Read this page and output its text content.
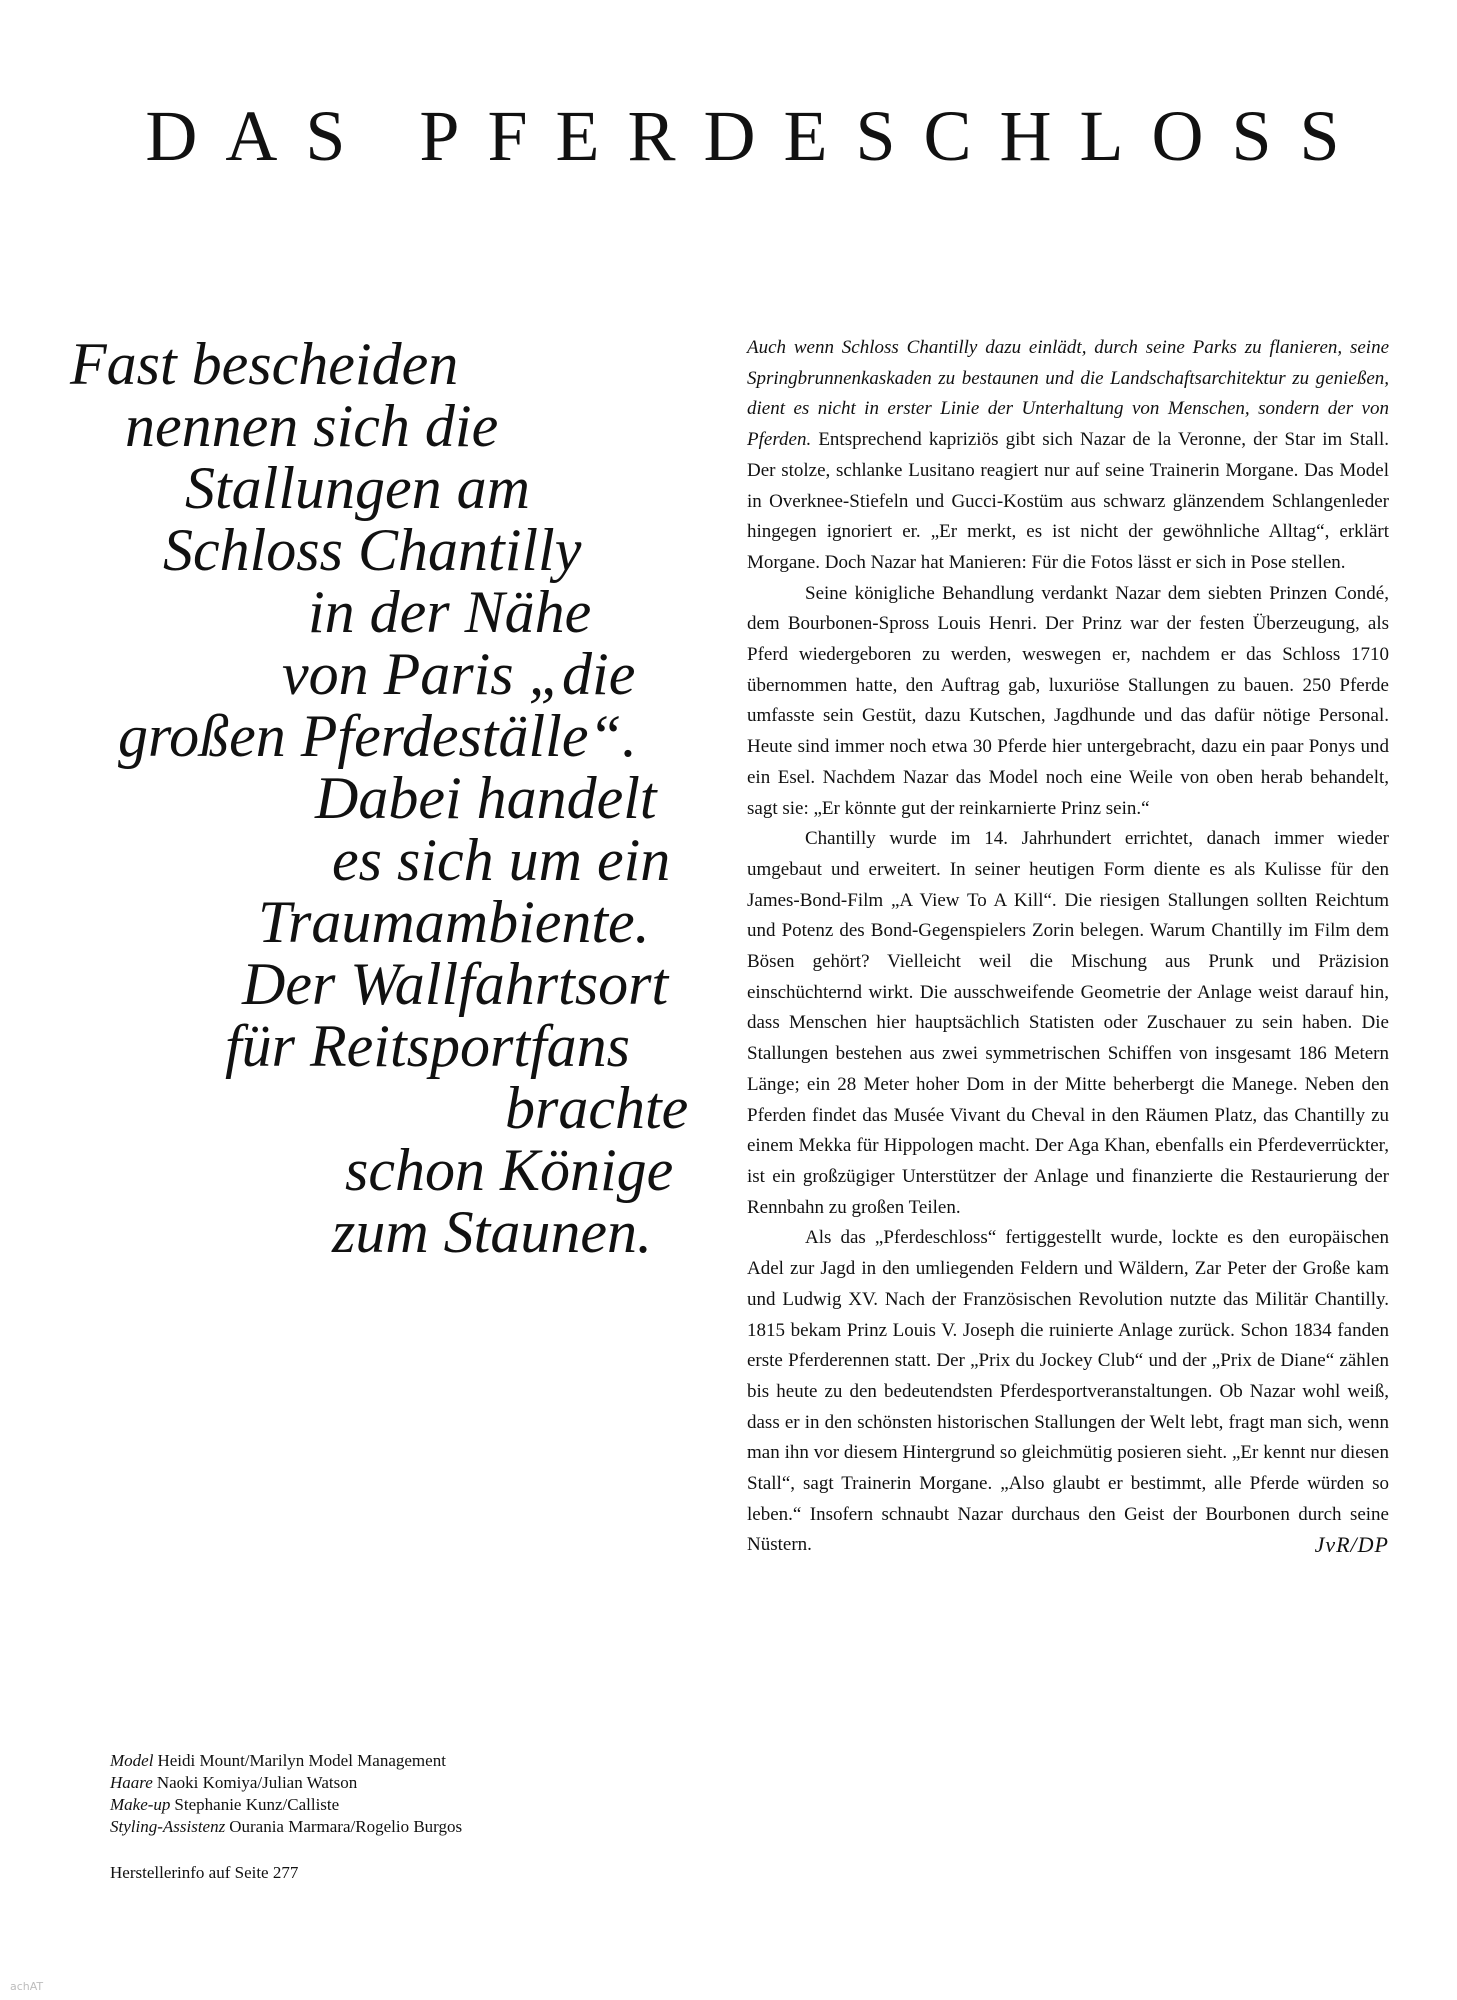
DAS PFERDESCHLOSS
Fast bescheiden
nennen sich die
Stallungen am
Schloss Chantilly
in der Nähe
von Paris „die
großen Pferdeställe“.
Dabei handelt
es sich um ein
Traumambiente.
Der Wallfahrtsort
für Reitsportfans
brachte
schon Könige
zum Staunen.

Auch wenn Schloss Chantilly dazu einlädt, durch seine Parks zu flanieren, seine Springbrunnenkaskaden zu bestaunen und die Landschaftsarchitektur zu genießen, dient es nicht in erster Linie der Unterhaltung von Menschen, sondern der von Pferden. Entsprechend kapriziös gibt sich Nazar de la Veronne, der Star im Stall. Der stolze, schlanke Lusitano reagiert nur auf seine Trainerin Morgane. Das Model in Overknee-Stiefeln und Gucci-Kostüm aus schwarz glänzendem Schlangenleder hingegen ignoriert er. „Er merkt, es ist nicht der gewöhnliche Alltag“, erklärt Morgane. Doch Nazar hat Manieren: Für die Fotos lässt er sich in Pose stellen.

Seine königliche Behandlung verdankt Nazar dem siebten Prinzen Condé, dem Bourbonen-Spross Louis Henri. Der Prinz war der festen Überzeugung, als Pferd wiedergeboren zu werden, weswegen er, nachdem er das Schloss 1710 übernommen hatte, den Auftrag gab, luxuriöse Stallungen zu bauen. 250 Pferde umfasste sein Gestüt, dazu Kutschen, Jagdhunde und das dafür nötige Personal. Heute sind immer noch etwa 30 Pferde hier untergebracht, dazu ein paar Ponys und ein Esel. Nachdem Nazar das Model noch eine Weile von oben herab behandelt, sagt sie: „Er könnte gut der reinkarnierte Prinz sein.“

Chantilly wurde im 14. Jahrhundert errichtet, danach immer wieder umgebaut und erweitert. In seiner heutigen Form diente es als Kulisse für den James-Bond-Film „A View To A Kill“. Die riesigen Stallungen sollten Reichtum und Potenz des Bond-Gegenspielers Zorin belegen. Warum Chantilly im Film dem Bösen gehört? Vielleicht weil die Mischung aus Prunk und Präzision einschüchternd wirkt. Die ausschweifende Geometrie der Anlage weist darauf hin, dass Menschen hier hauptsächlich Statisten oder Zuschauer zu sein haben. Die Stallungen bestehen aus zwei symmetrischen Schiffen von insgesamt 186 Metern Länge; ein 28 Meter hoher Dom in der Mitte beherbergt die Manege. Neben den Pferden findet das Musée Vivant du Cheval in den Räumen Platz, das Chantilly zu einem Mekka für Hippologen macht. Der Aga Khan, ebenfalls ein Pferdeverrückter, ist ein großzügiger Unterstützer der Anlage und finanzierte die Restaurierung der Rennbahn zu großen Teilen.

Als das „Pferdeschloss“ fertiggestellt wurde, lockte es den europäischen Adel zur Jagd in den umliegenden Feldern und Wäldern, Zar Peter der Große kam und Ludwig XV. Nach der Französischen Revolution nutzte das Militär Chantilly. 1815 bekam Prinz Louis V. Joseph die ruinierte Anlage zurück. Schon 1834 fanden erste Pferderennen statt. Der „Prix du Jockey Club“ und der „Prix de Diane“ zählen bis heute zu den bedeutendsten Pferdesportveranstaltungen. Ob Nazar wohl weiß, dass er in den schönsten historischen Stallungen der Welt lebt, fragt man sich, wenn man ihn vor diesem Hintergrund so gleichmütig posieren sieht. „Er kennt nur diesen Stall“, sagt Trainerin Morgane. „Also glaubt er bestimmt, alle Pferde würden so leben.“ Insofern schnaubt Nazar durchaus den Geist der Bourbonen durch seine Nüstern.	JvR/DP

Model Heidi Mount/Marilyn Model Management
Haare Naoki Komiya/Julian Watson
Make-up Stephanie Kunz/Calliste
Styling-Assistenz Ourania Marmara/Rogelio Burgos
Herstellerinfo auf Seite 277
achAT
